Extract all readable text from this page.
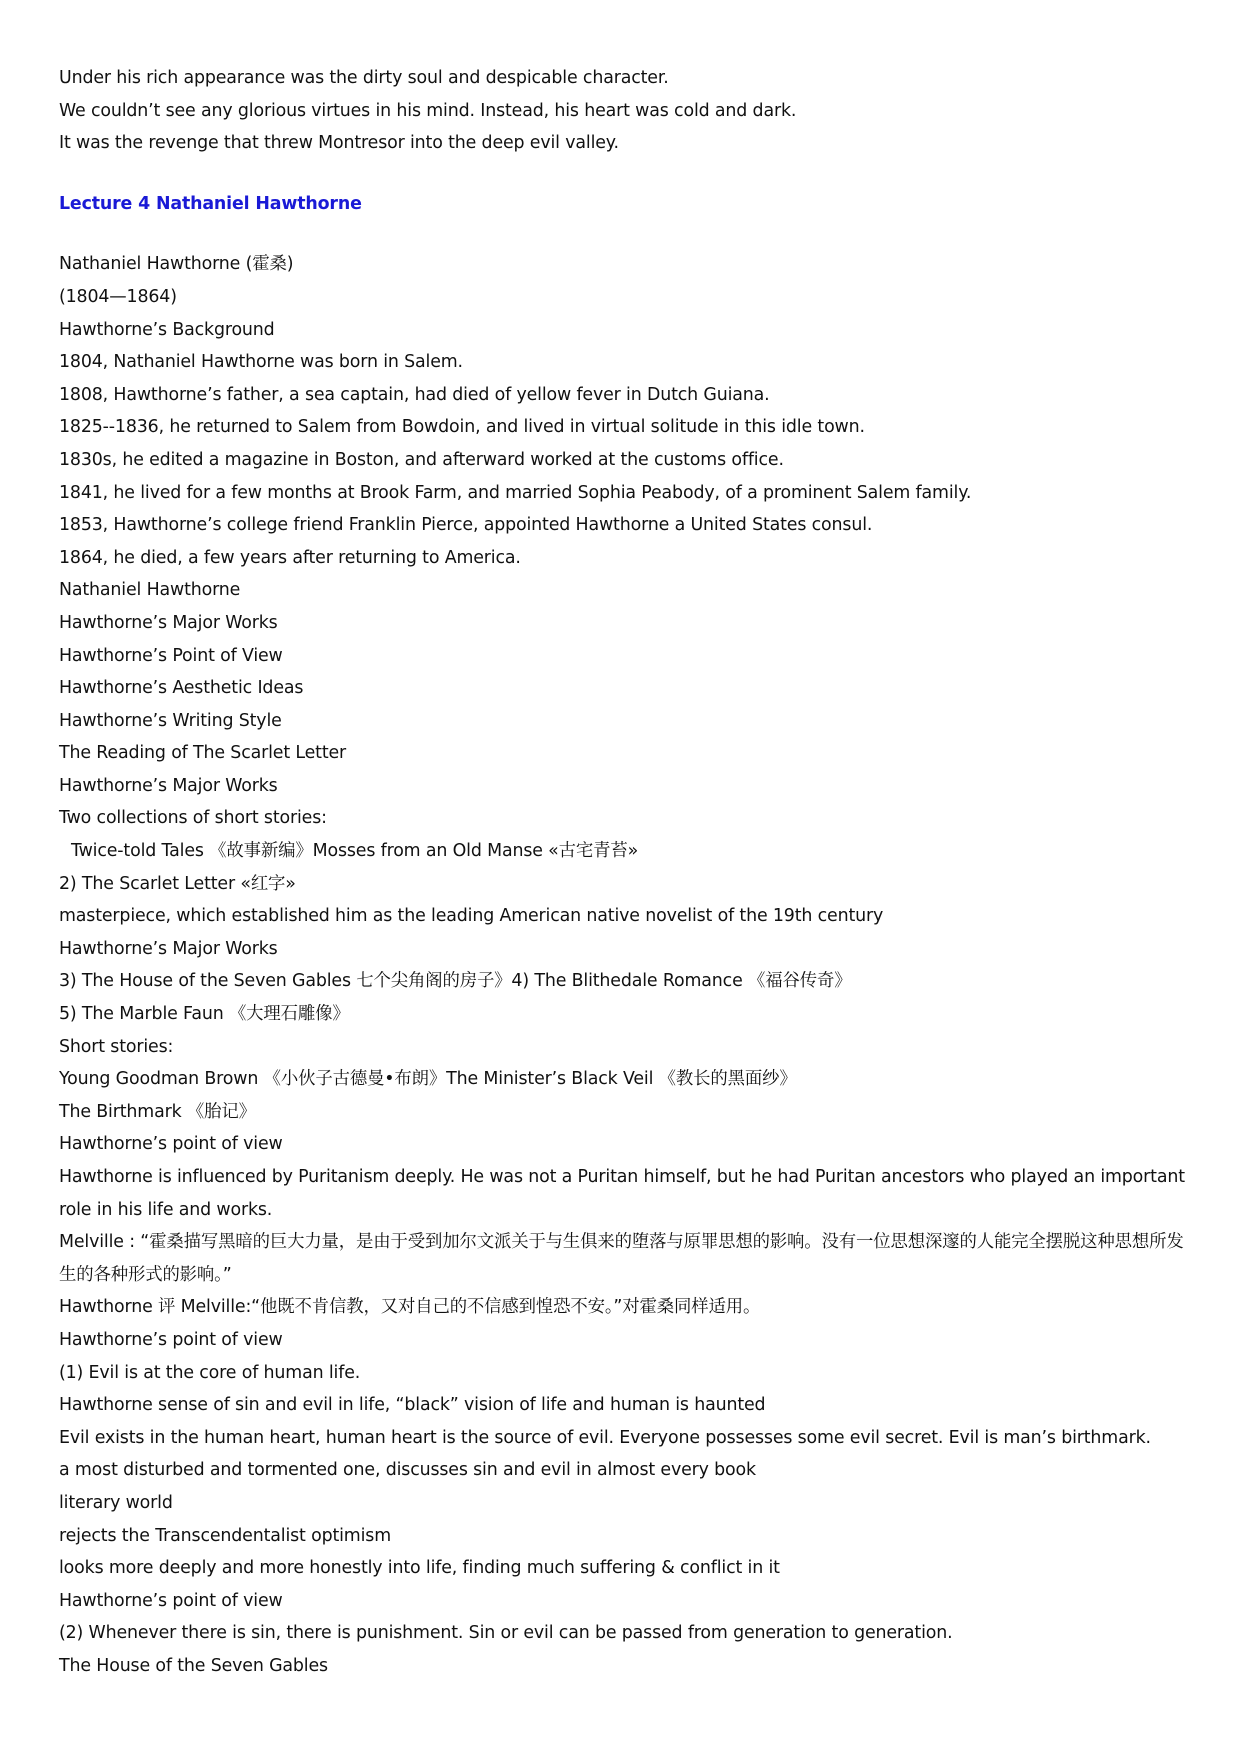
Under his rich appearance was the dirty soul and despicable character.
We couldn’t see any glorious virtues in his mind. Instead, his heart was cold and dark.
It was the revenge that threw Montresor into the deep evil valley.
Lecture 4 Nathaniel Hawthorne
Nathaniel Hawthorne (霍桑)
(1804—1864)
Hawthorne’s Background
1804, Nathaniel Hawthorne was born in Salem.
1808, Hawthorne’s father, a sea captain, had died of yellow fever in Dutch Guiana.
1825--1836, he returned to Salem from Bowdoin, and lived in virtual solitude in this idle town.
1830s, he edited a magazine in Boston, and afterward worked at the customs office.
1841, he lived for a few months at Brook Farm, and married Sophia Peabody, of a prominent Salem family.
1853, Hawthorne’s college friend Franklin Pierce, appointed Hawthorne a United States consul.
1864, he died, a few years after returning to America.
Nathaniel Hawthorne
Hawthorne’s Major Works
Hawthorne’s Point of View
Hawthorne’s Aesthetic Ideas
Hawthorne’s Writing Style
The Reading of The Scarlet Letter
Hawthorne’s Major Works
Two collections of short stories:
Twice-told Tales 《故事新编》Mosses from an Old Manse «古宅青苔»
2) The Scarlet Letter «红字»
masterpiece, which established him as the leading American native novelist of the 19th century
Hawthorne’s Major Works
3) The House of the Seven Gables 七个尖角阁的房子》4) The Blithedale Romance 《福谷传奇》
5) The Marble Faun 《大理石雕像》
Short stories:
Young Goodman Brown 《小伙子古德曼•布朗》The Minister’s Black Veil 《教长的黑面纱》
The Birthmark 《胎记》
Hawthorne’s point of view
Hawthorne is influenced by Puritanism deeply. He was not a Puritan himself, but he had Puritan ancestors who played an important role in his life and works.
Melville : “霍桑描写黑暗的巨大力量，是由于受到加尔文派关于与生俱来的堕落与原罪思想的影响。没有一位思想深邃的人能完全摆脱这种思想所发生的各种形式的影响。”
Hawthorne 评 Melville:“他既不肯信教，又对自己的不信感到惶恐不安。”对霍桑同样适用。
Hawthorne’s point of view
(1) Evil is at the core of human life.
Hawthorne sense of sin and evil in life, “black” vision of life and human is haunted
Evil exists in the human heart, human heart is the source of evil. Everyone possesses some evil secret. Evil is man’s birthmark.
a most disturbed and tormented one, discusses sin and evil in almost every book
literary world
rejects the Transcendentalist optimism
looks more deeply and more honestly into life, finding much suffering & conflict in it
Hawthorne’s point of view
(2) Whenever there is sin, there is punishment. Sin or evil can be passed from generation to generation.
The House of the Seven Gables
